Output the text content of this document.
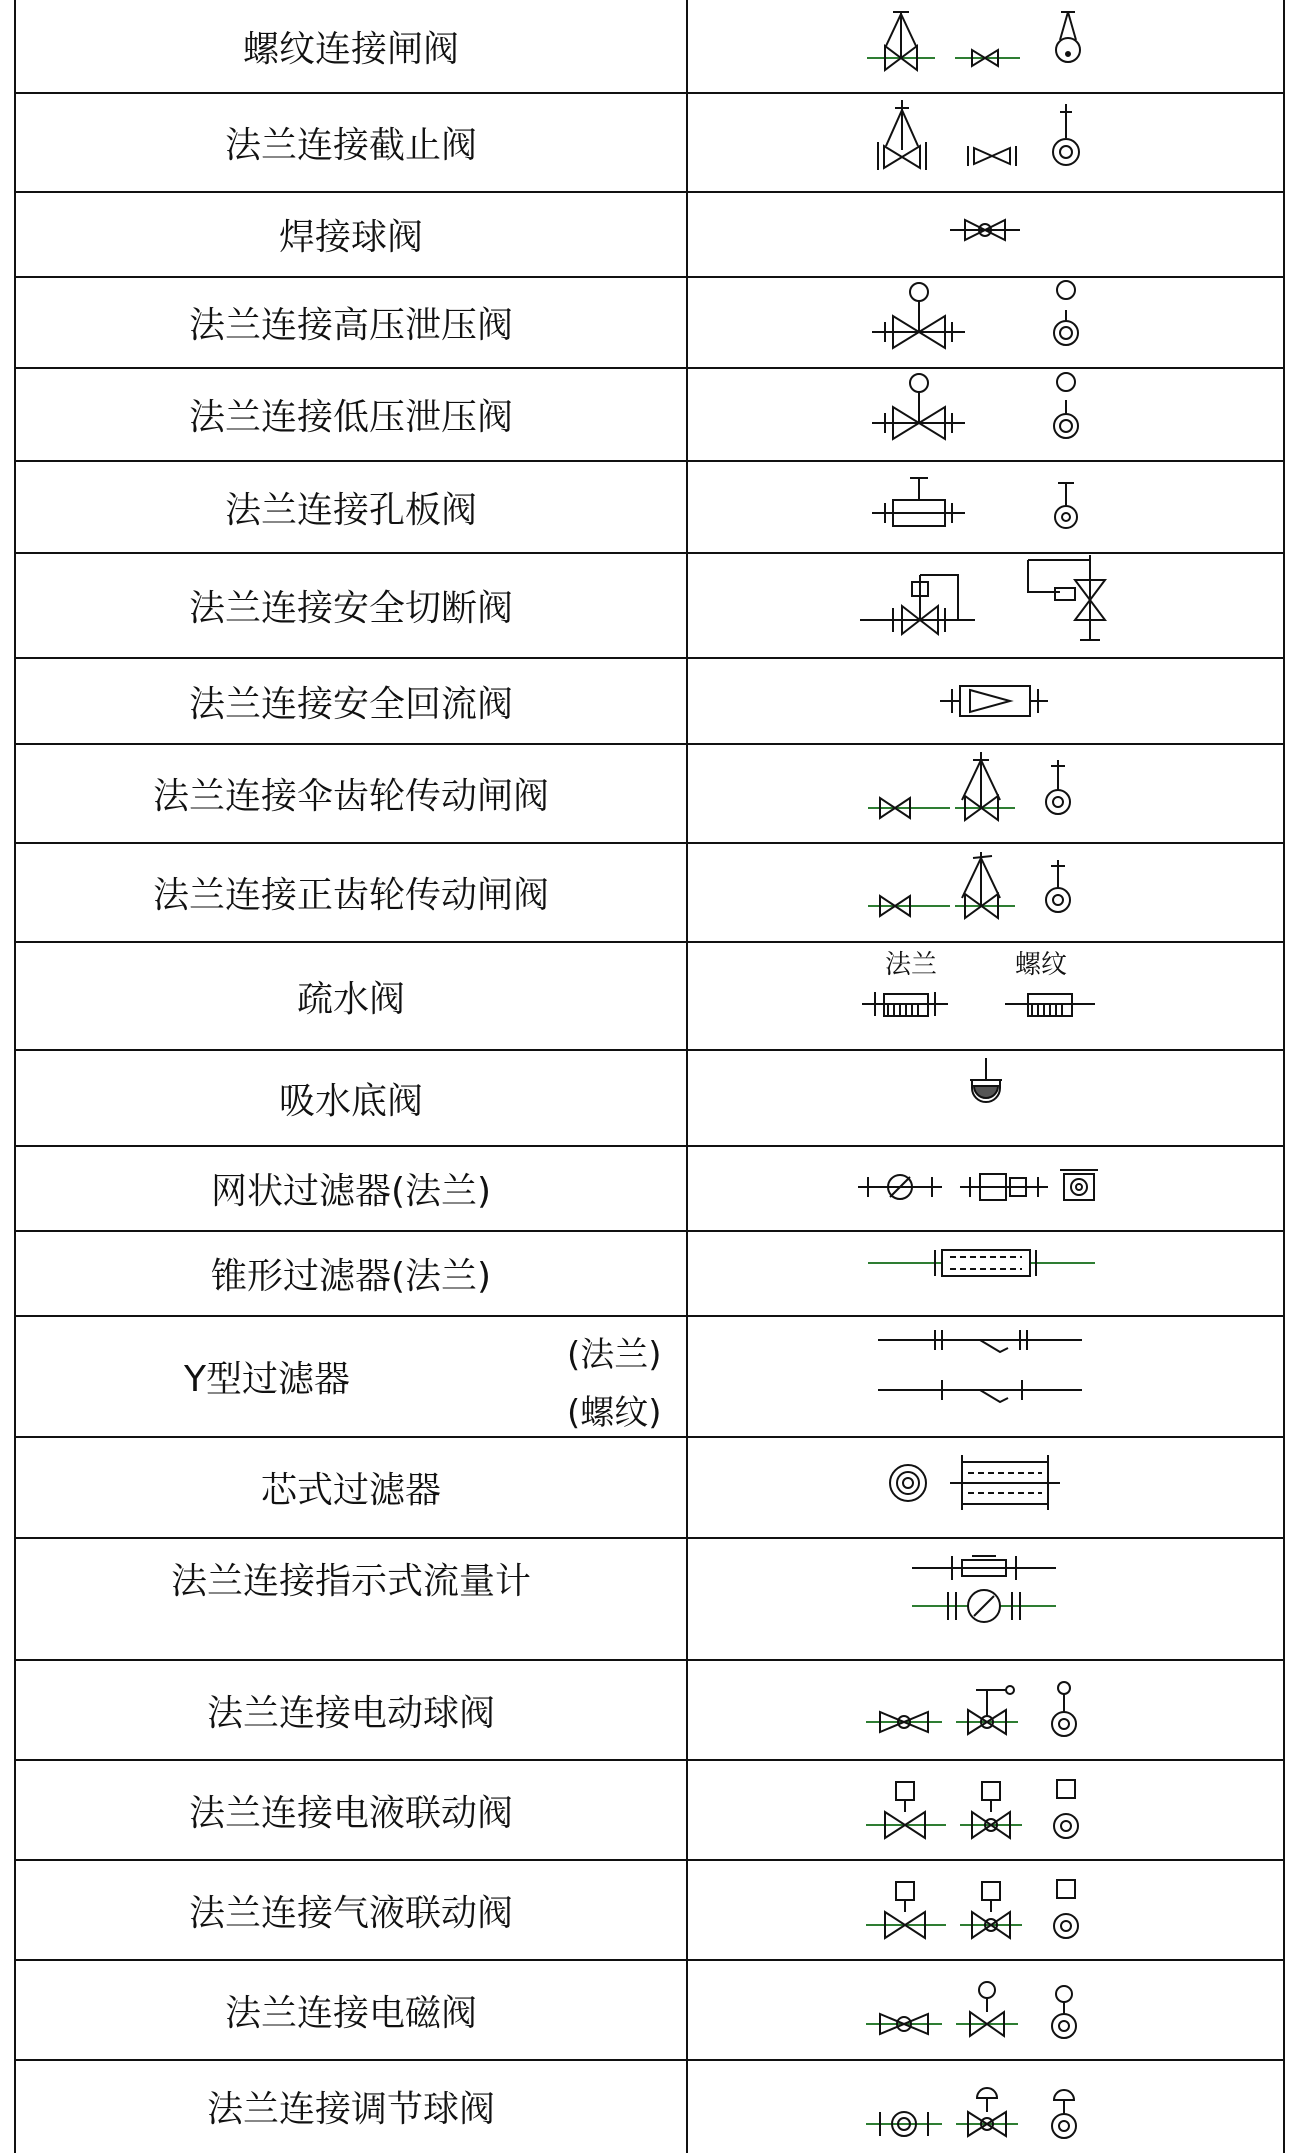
螺纹连接闸阀
法兰连接截止阀
焊接球阀
法兰连接高压泄压阀
法兰连接低压泄压阀
法兰连接孔板阀
法兰连接安全切断阀
法兰连接安全回流阀
法兰连接伞齿轮传动闸阀
法兰连接正齿轮传动闸阀
疏水阀
吸水底阀
网状过滤器(法兰)
锥形过滤器(法兰)
Y型过滤器
芯式过滤器
法兰连接指示式流量计
法兰连接电动球阀
法兰连接电液联动阀
法兰连接气液联动阀
法兰连接电磁阀
法兰连接调节球阀
(法兰)
(螺纹)
法兰	螺纹
